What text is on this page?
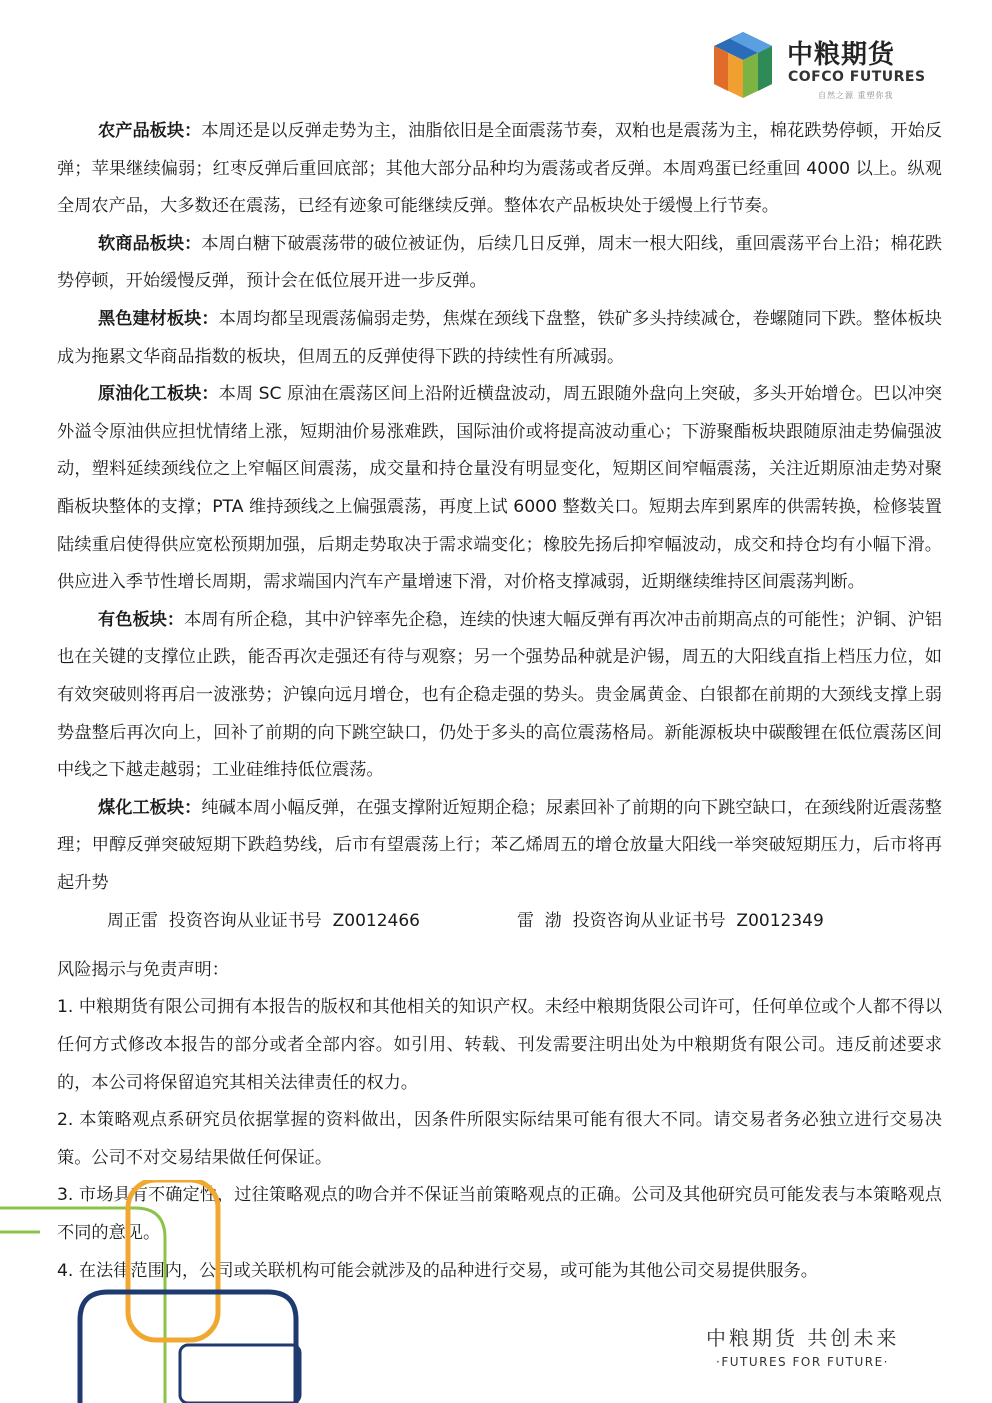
中粮期货
COFCO FUTURES
自然之源 重塑你我

农产品板块：本周还是以反弹走势为主，油脂依旧是全面震荡节奏，双粕也是震荡为主，棉花跌势停顿，开始反弹；苹果继续偏弱；红枣反弹后重回底部；其他大部分品种均为震荡或者反弹。本周鸡蛋已经重回 4000 以上。纵观全周农产品，大多数还在震荡，已经有迹象可能继续反弹。整体农产品板块处于缓慢上行节奏。

软商品板块：本周白糖下破震荡带的破位被证伪，后续几日反弹，周末一根大阳线，重回震荡平台上沿；棉花跌势停顿，开始缓慢反弹，预计会在低位展开进一步反弹。

黑色建材板块：本周均都呈现震荡偏弱走势，焦煤在颈线下盘整，铁矿多头持续减仓，卷螺随同下跌。整体板块成为拖累文华商品指数的板块，但周五的反弹使得下跌的持续性有所减弱。

原油化工板块：本周 SC 原油在震荡区间上沿附近横盘波动，周五跟随外盘向上突破，多头开始增仓。巴以冲突外溢令原油供应担忧情绪上涨，短期油价易涨难跌，国际油价或将提高波动重心；下游聚酯板块跟随原油走势偏强波动，塑料延续颈线位之上窄幅区间震荡，成交量和持仓量没有明显变化，短期区间窄幅震荡，关注近期原油走势对聚酯板块整体的支撑；PTA 维持颈线之上偏强震荡，再度上试 6000 整数关口。短期去库到累库的供需转换，检修装置陆续重启使得供应宽松预期加强，后期走势取决于需求端变化；橡胶先扬后抑窄幅波动，成交和持仓均有小幅下滑。供应进入季节性增长周期，需求端国内汽车产量增速下滑，对价格支撑减弱，近期继续维持区间震荡判断。

有色板块：本周有所企稳，其中沪锌率先企稳，连续的快速大幅反弹有再次冲击前期高点的可能性；沪铜、沪铝也在关键的支撑位止跌，能否再次走强还有待与观察；另一个强势品种就是沪锡，周五的大阳线直指上档压力位，如有效突破则将再启一波涨势；沪镍向远月增仓，也有企稳走强的势头。贵金属黄金、白银都在前期的大颈线支撑上弱势盘整后再次向上，回补了前期的向下跳空缺口，仍处于多头的高位震荡格局。新能源板块中碳酸锂在低位震荡区间中线之下越走越弱；工业硅维持低位震荡。

煤化工板块：纯碱本周小幅反弹，在强支撑附近短期企稳；尿素回补了前期的向下跳空缺口，在颈线附近震荡整理；甲醇反弹突破短期下跌趋势线，后市有望震荡上行；苯乙烯周五的增仓放量大阳线一举突破短期压力，后市将再起升势

周正雷  投资咨询从业证书号  Z0012466	雷  渤  投资咨询从业证书号  Z0012349

风险揭示与免责声明：

1. 中粮期货有限公司拥有本报告的版权和其他相关的知识产权。未经中粮期货限公司许可，任何单位或个人都不得以任何方式修改本报告的部分或者全部内容。如引用、转载、刊发需要注明出处为中粮期货有限公司。违反前述要求的，本公司将保留追究其相关法律责任的权力。

2. 本策略观点系研究员依据掌握的资料做出，因条件所限实际结果可能有很大不同。请交易者务必独立进行交易决策。公司不对交易结果做任何保证。

3. 市场具有不确定性，过往策略观点的吻合并不保证当前策略观点的正确。公司及其他研究员可能发表与本策略观点不同的意见。

4. 在法律范围内，公司或关联机构可能会就涉及的品种进行交易，或可能为其他公司交易提供服务。

中粮期货 共创未来
·FUTURES FOR FUTURE·
